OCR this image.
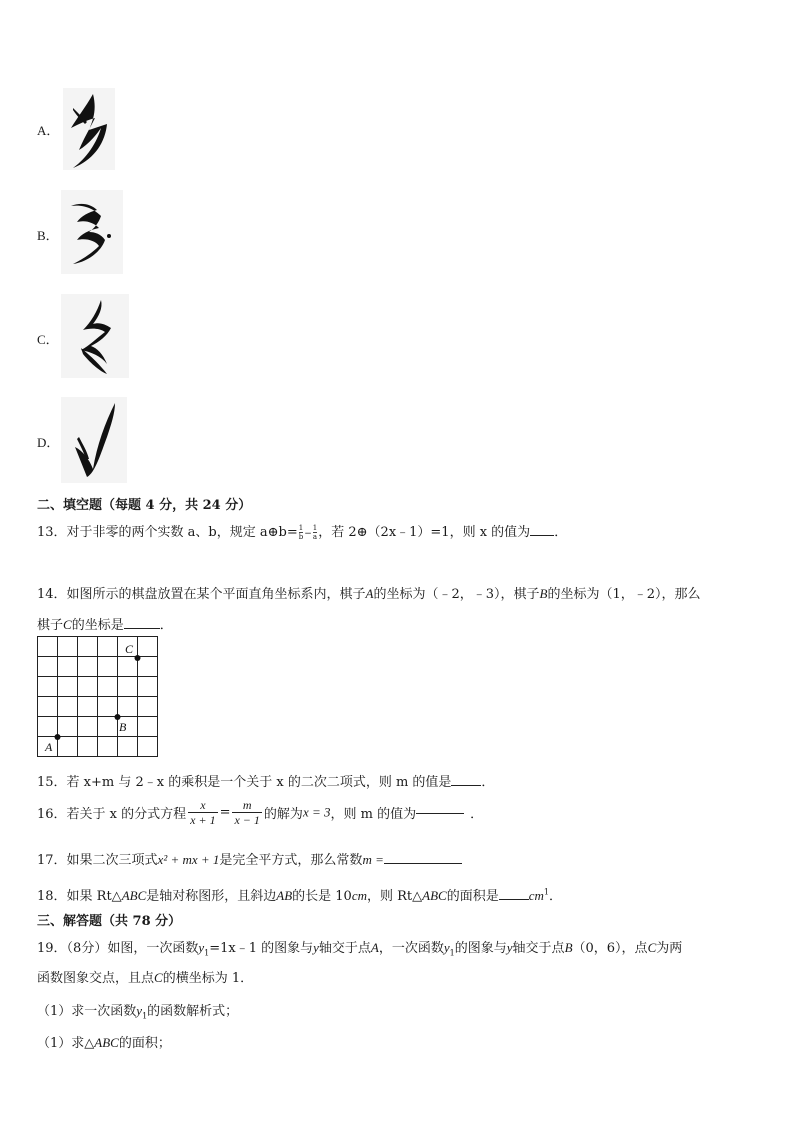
A．
B．
C．
D．
二、填空题（每题 4 分，共 24 分）
13．对于非零的两个实数 a、b，规定 a⊕b= $\frac{1}{b} - \frac{1}{a}$ ，若 2⊕（2x﹣1）=1，则 x 的值为 ．
14．如图所示的棋盘放置在某个平面直角坐标系内，棋子A的坐标为（﹣2，﹣3），棋子B的坐标为（1，﹣2），那么
棋子C的坐标是	．
C
B
A
15．若 x+m 与 2﹣x 的乘积是一个关于 x 的二次二项式，则 m 的值是 ．
16．若关于 x 的分式方程 $\frac{x}{x + 1} = \frac{m}{x - 1}$ 的解为x = 3，则 m 的值为	．
17．如果二次三项式x² + mx + 1是完全平方式，那么常数m =
18．如果 Rt△ABC是轴对称图形，且斜边AB的长是 10cm，则 Rt△ABC的面积是 $cm^1$．
三、解答题（共 78 分）
19．（8分）如图，一次函数$y_1=1x﹣1$ 的图象与y轴交于点A，一次函数$y_1$的图象与y轴交于点B（0，6），点C为两
函数图象交点，且点C的横坐标为 1．
（1）求一次函数$y_1$的函数解析式；
（1）求△ABC的面积；
